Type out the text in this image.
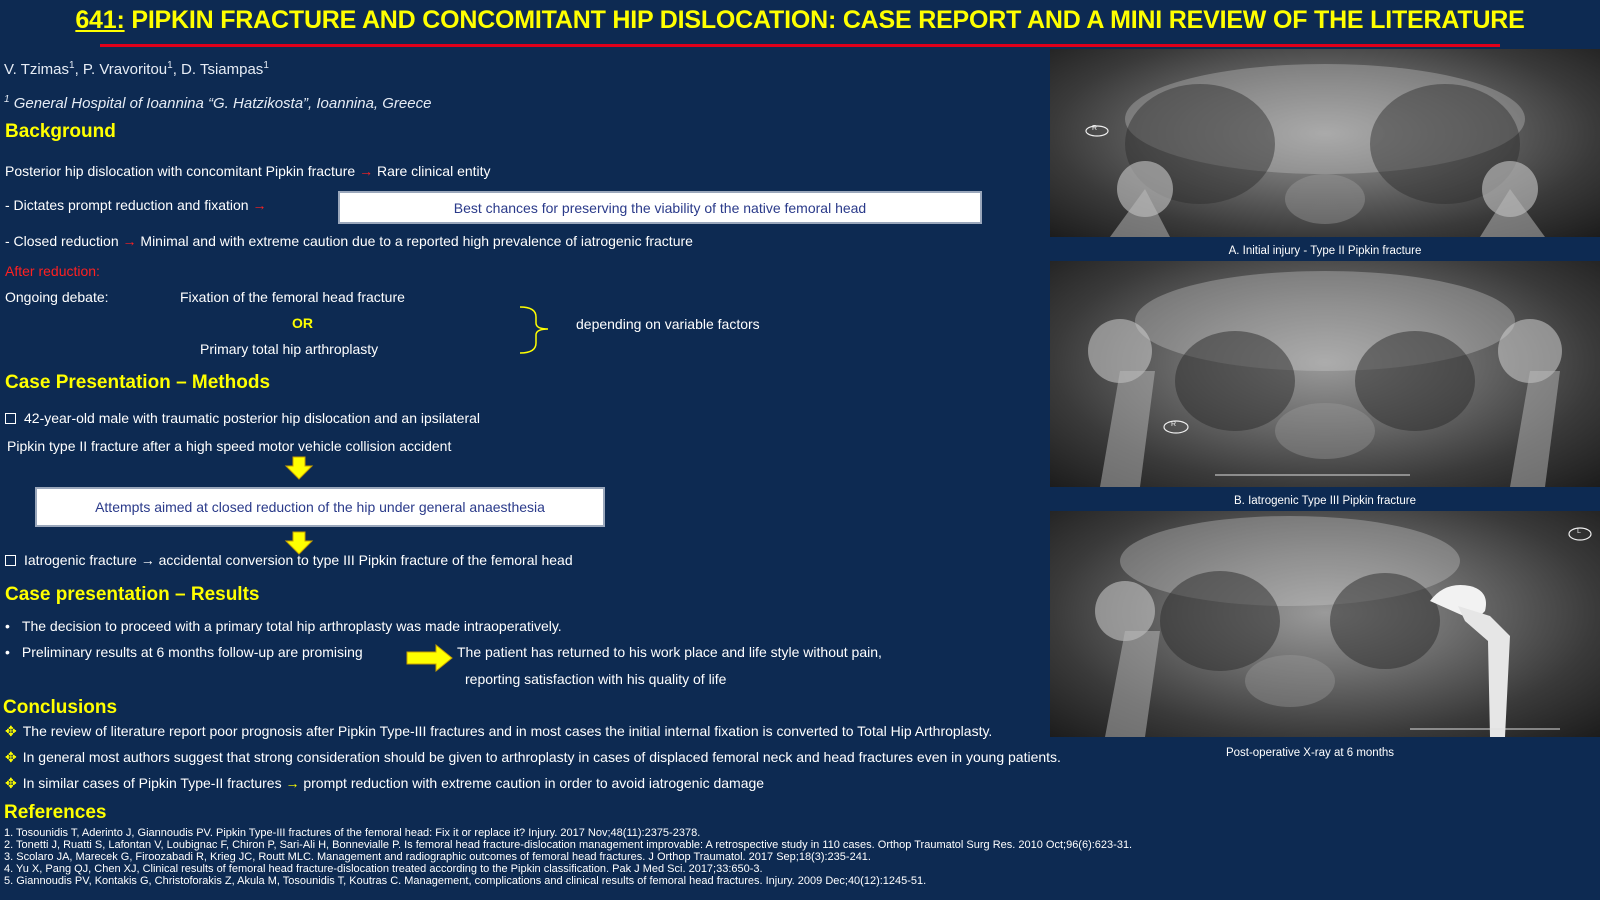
641: PIPKIN FRACTURE AND CONCOMITANT HIP DISLOCATION: CASE REPORT AND A MINI REVIEW OF THE LITERATURE
V. Tzimas$^1$, P. Vravoritou$^1$, D. Tsiampas$^1$
$^1$ General Hospital of Ioannina “G. Hatzikosta”, Ioannina, Greece
Background
Posterior hip dislocation with concomitant Pipkin fracture → Rare clinical entity
- Dictates prompt reduction and fixation →	Best chances for preserving the viability of the native femoral head
- Closed reduction → Minimal and with extreme caution due to a reported high prevalence of iatrogenic fracture
After reduction:
Ongoing debate:	Fixation of the femoral head fracture
OR
Primary total hip arthroplasty
depending on variable factors
Case Presentation – Methods
42-year-old male with traumatic posterior hip dislocation and an ipsilateral
Pipkin type II fracture after a high speed motor vehicle collision accident
Attempts aimed at closed reduction of the hip under general anaesthesia
Iatrogenic fracture → accidental conversion to type III Pipkin fracture of the femoral head
Case presentation – Results
• The decision to proceed with a primary total hip arthroplasty was made intraoperatively.
• Preliminary results at 6 months follow-up are promising	The patient has returned to his work place and life style without pain,
reporting satisfaction with his quality of life
Conclusions
✥ The review of literature report poor prognosis after Pipkin Type-III fractures and in most cases the initial internal fixation is converted to Total Hip Arthroplasty.
✥ In general most authors suggest that strong consideration should be given to arthroplasty in cases of displaced femoral neck and head fractures even in young patients.
✥ In similar cases of Pipkin Type-II fractures → prompt reduction with extreme caution in order to avoid iatrogenic damage
References
1. Tosounidis T, Aderinto J, Giannoudis PV. Pipkin Type-III fractures of the femoral head: Fix it or replace it? Injury. 2017 Nov;48(11):2375-2378.
2. Tonetti J, Ruatti S, Lafontan V, Loubignac F, Chiron P, Sari-Ali H, Bonnevialle P. Is femoral head fracture-dislocation management improvable: A retrospective study in 110 cases. Orthop Traumatol Surg Res. 2010 Oct;96(6):623-31.
3. Scolaro JA, Marecek G, Firoozabadi R, Krieg JC, Routt MLC. Management and radiographic outcomes of femoral head fractures. J Orthop Traumatol. 2017 Sep;18(3):235-241.
4. Yu X, Pang QJ, Chen XJ, Clinical results of femoral head fracture-dislocation treated according to the Pipkin classification. Pak J Med Sci. 2017;33:650-3.
5. Giannoudis PV, Kontakis G, Christoforakis Z, Akula M, Tosounidis T, Koutras C. Management, complications and clinical results of femoral head fractures. Injury. 2009 Dec;40(12):1245-51.
R
A. Initial injury - Type II Pipkin fracture
R
B. Iatrogenic Type III Pipkin fracture
L
Post-operative X-ray at 6 months
